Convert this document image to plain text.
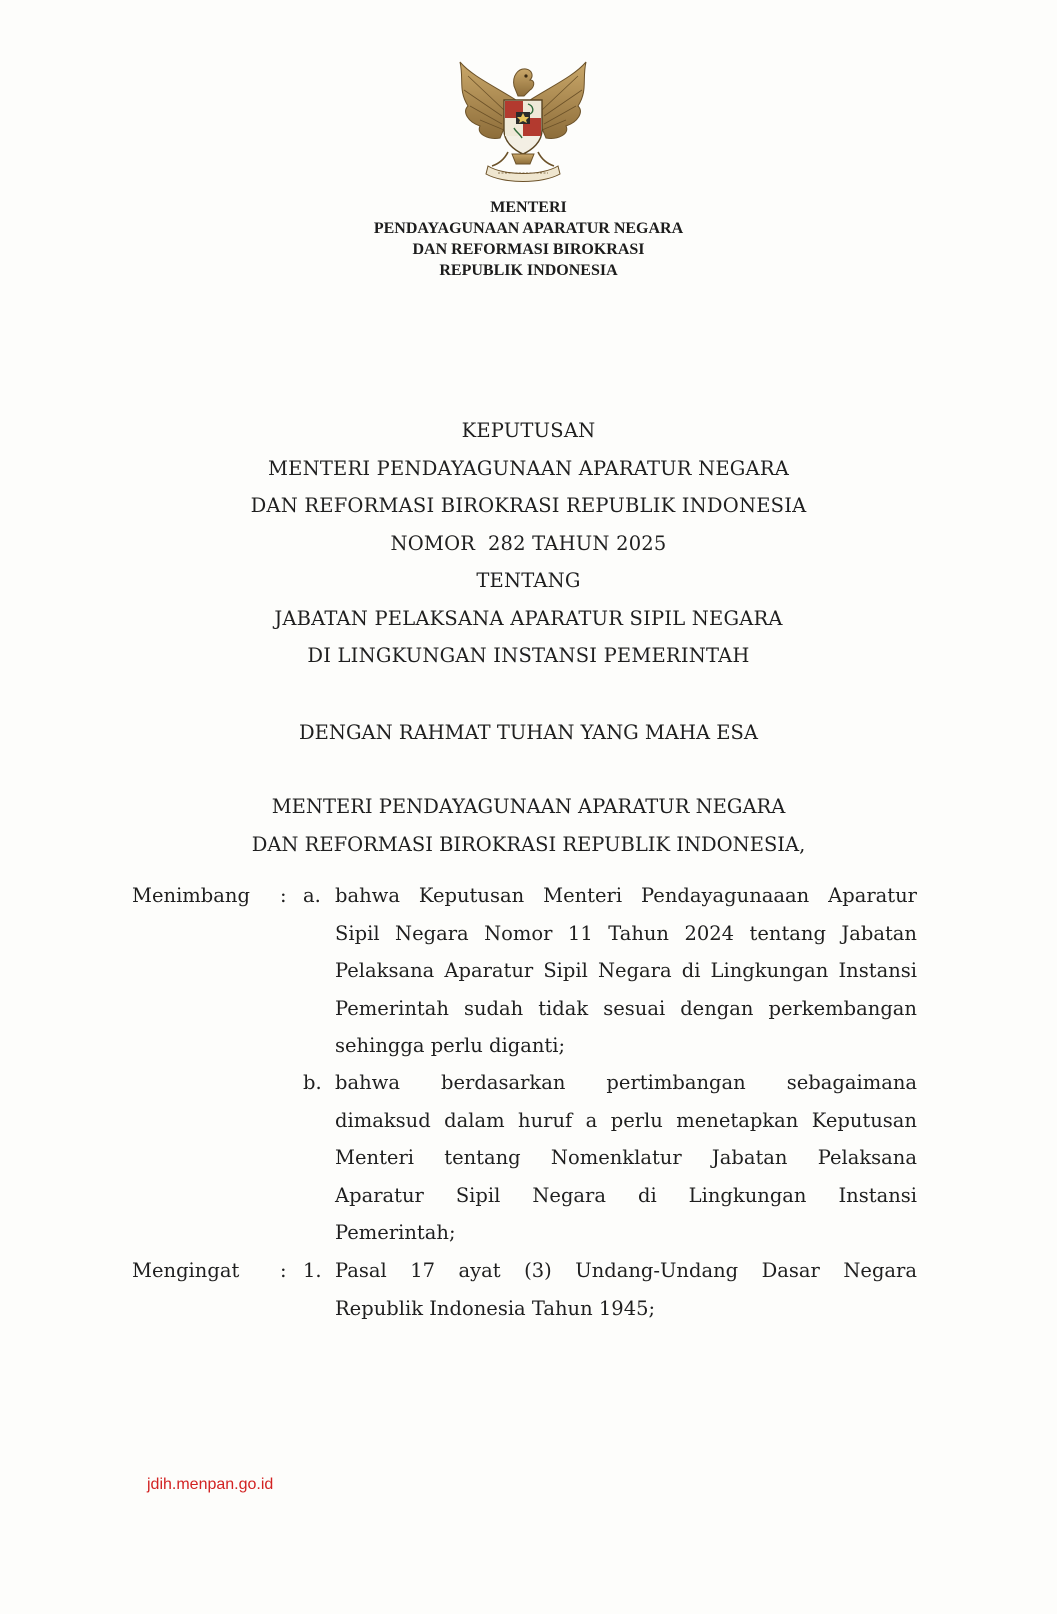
MENTERI
PENDAYAGUNAAN APARATUR NEGARA
DAN REFORMASI BIROKRASI
REPUBLIK INDONESIA
KEPUTUSAN
MENTERI PENDAYAGUNAAN APARATUR NEGARA
DAN REFORMASI BIROKRASI REPUBLIK INDONESIA
NOMOR  282 TAHUN 2025
TENTANG
JABATAN PELAKSANA APARATUR SIPIL NEGARA
DI LINGKUNGAN INSTANSI PEMERINTAH
DENGAN RAHMAT TUHAN YANG MAHA ESA
MENTERI PENDAYAGUNAAN APARATUR NEGARA
DAN REFORMASI BIROKRASI REPUBLIK INDONESIA,
Menimbang : a. bahwa Keputusan Menteri Pendayagunaaan Aparatur
Sipil Negara Nomor 11 Tahun 2024 tentang Jabatan
Pelaksana Aparatur Sipil Negara di Lingkungan Instansi
Pemerintah sudah tidak sesuai dengan perkembangan
sehingga perlu diganti;
b. bahwa berdasarkan pertimbangan sebagaimana
dimaksud dalam huruf a perlu menetapkan Keputusan
Menteri tentang Nomenklatur Jabatan Pelaksana
Aparatur Sipil Negara di Lingkungan Instansi
Pemerintah;
Mengingat : 1. Pasal 17 ayat (3) Undang-Undang Dasar Negara
Republik Indonesia Tahun 1945;
jdih.menpan.go.id
